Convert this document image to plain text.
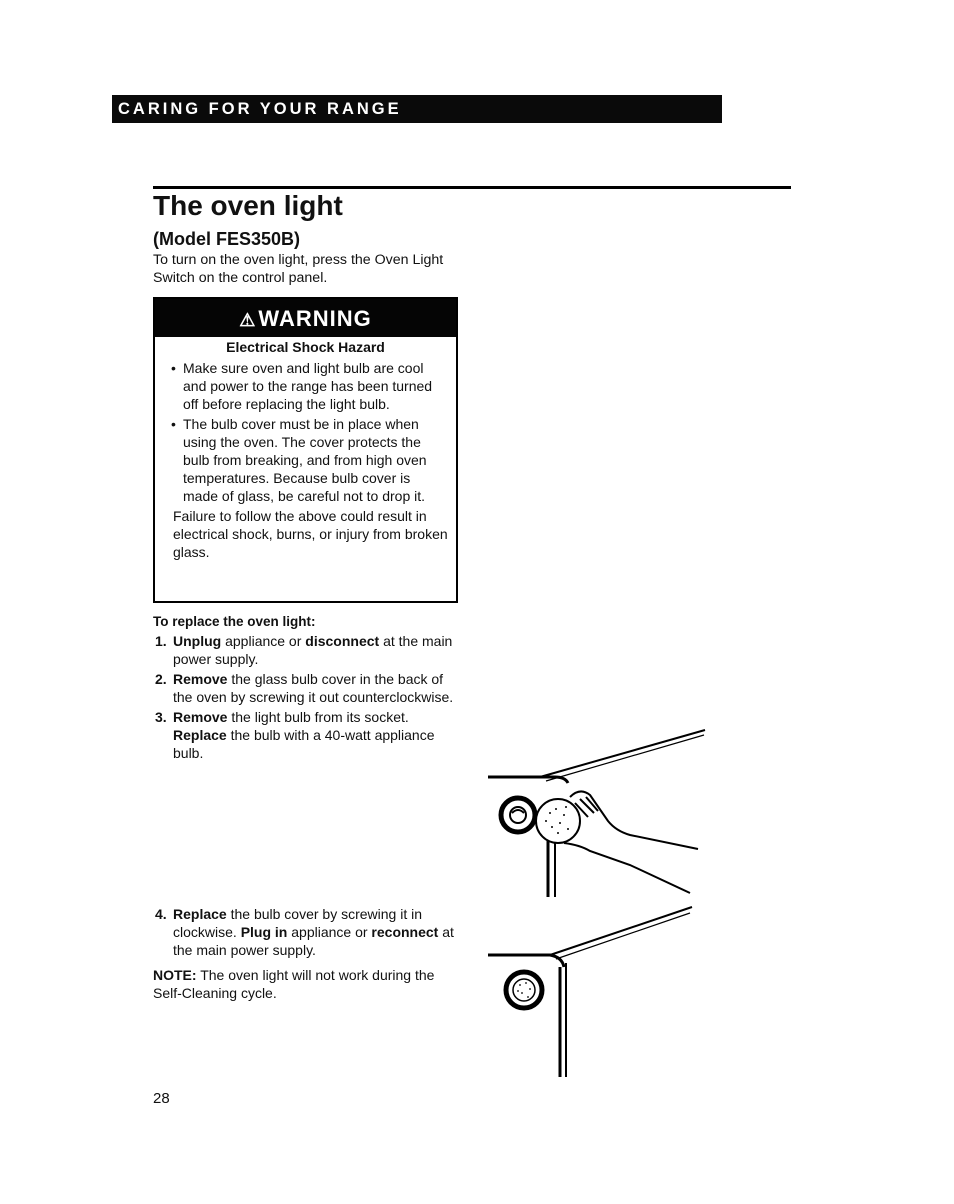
CARING FOR YOUR RANGE
The oven light
(Model FES350B)

To turn on the oven light, press the Oven Light Switch on the control panel.

⚠WARNING
Electrical Shock Hazard
• Make sure oven and light bulb are cool and power to the range has been turned off before replacing the light bulb.
• The bulb cover must be in place when using the oven. The cover protects the bulb from breaking, and from high oven temperatures. Because bulb cover is made of glass, be careful not to drop it.

Failure to follow the above could result in electrical shock, burns, or injury from broken glass.

To replace the oven light:

1. Unplug appliance or disconnect at the main power supply.
2. Remove the glass bulb cover in the back of the oven by screwing it out counterclockwise.
3. Remove the light bulb from its socket. Replace the bulb with a 40-watt appliance bulb.
4. Replace the bulb cover by screwing it in clockwise. Plug in appliance or reconnect at the main power supply.

NOTE: The oven light will not work during the Self-Cleaning cycle.

28
